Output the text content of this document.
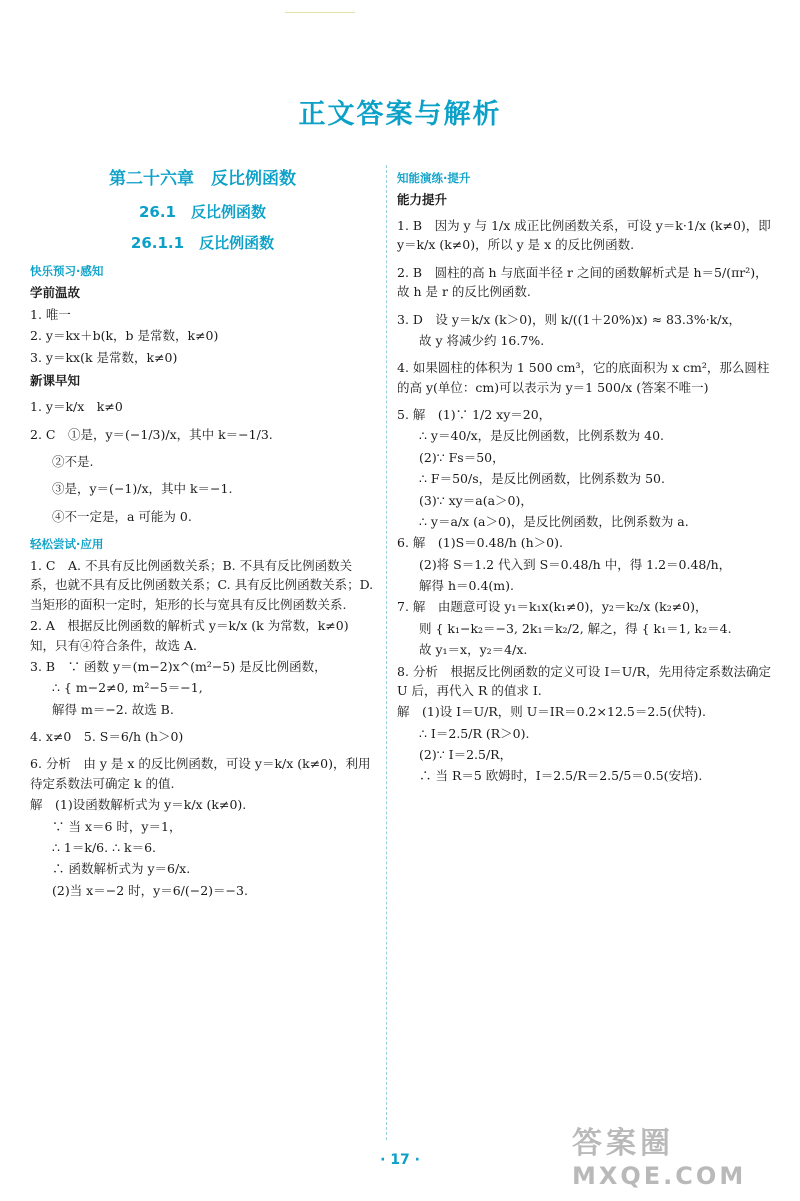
正文答案与解析
第二十六章　反比例函数
26.1　反比例函数
26.1.1　反比例函数
快乐预习·感知
学前温故
1. 唯一
2. y＝kx＋b(k，b 是常数，k≠0)
3. y＝kx(k 是常数，k≠0)
新课早知
1. y＝k/x　k≠0
2. C　①是，y＝(−1/3)/x，其中 k＝−1/3.
②不是.
③是，y＝(−1)/x，其中 k＝−1.
④不一定是，a 可能为 0.
轻松尝试·应用
1. C　A. 不具有反比例函数关系；B. 不具有反比例函数关系，也就不具有反比例函数关系；C. 具有反比例函数关系；D. 当矩形的面积一定时，矩形的长与宽具有反比例函数关系.
2. A　根据反比例函数的解析式 y＝k/x (k 为常数，k≠0) 知，只有④符合条件，故选 A.
3. B　∵ 函数 y＝(m−2)x^(m²−5) 是反比例函数，
∴ { m−2≠0, m²−5＝−1,
解得 m＝−2. 故选 B.
4. x≠0　5. S＝6/h (h＞0)
6. 分析　由 y 是 x 的反比例函数，可设 y＝k/x (k≠0)，利用待定系数法可确定 k 的值.
解　(1)设函数解析式为 y＝k/x (k≠0).
∵ 当 x＝6 时，y＝1，
∴ 1＝k/6. ∴ k＝6.
∴ 函数解析式为 y＝6/x.
(2)当 x＝−2 时，y＝6/(−2)＝−3.
知能演练·提升
能力提升
1. B　因为 y 与 1/x 成正比例函数关系，可设 y＝k·1/x (k≠0)，即 y＝k/x (k≠0)，所以 y 是 x 的反比例函数.
2. B　圆柱的高 h 与底面半径 r 之间的函数解析式是 h＝5/(πr²)，故 h 是 r 的反比例函数.
3. D　设 y＝k/x (k＞0)，则 k/((1＋20%)x) ≈ 83.3%·k/x，
故 y 将减少约 16.7%.
4. 如果圆柱的体积为 1 500 cm³，它的底面积为 x cm²，那么圆柱的高 y(单位：cm)可以表示为 y＝1 500/x (答案不唯一)
5. 解　(1)∵ 1/2 xy＝20，
∴ y＝40/x，是反比例函数，比例系数为 40.
(2)∵ Fs＝50，
∴ F＝50/s，是反比例函数，比例系数为 50.
(3)∵ xy＝a(a＞0)，
∴ y＝a/x (a＞0)，是反比例函数，比例系数为 a.
6. 解　(1)S＝0.48/h (h＞0).
(2)将 S＝1.2 代入到 S＝0.48/h 中，得 1.2＝0.48/h，
解得 h＝0.4(m).
7. 解　由题意可设 y₁＝k₁x(k₁≠0)，y₂＝k₂/x (k₂≠0)，
则 { k₁−k₂＝−3, 2k₁＝k₂/2, 解之，得 { k₁＝1, k₂＝4.
故 y₁＝x，y₂＝4/x.
8. 分析　根据反比例函数的定义可设 I＝U/R，先用待定系数法确定 U 后，再代入 R 的值求 I.
解　(1)设 I＝U/R，则 U＝IR＝0.2×12.5＝2.5(伏特).
∴ I＝2.5/R (R＞0).
(2)∵ I＝2.5/R，
∴ 当 R＝5 欧姆时，I＝2.5/R＝2.5/5＝0.5(安培).
· 17 ·	答案圈
MXQE.COM
